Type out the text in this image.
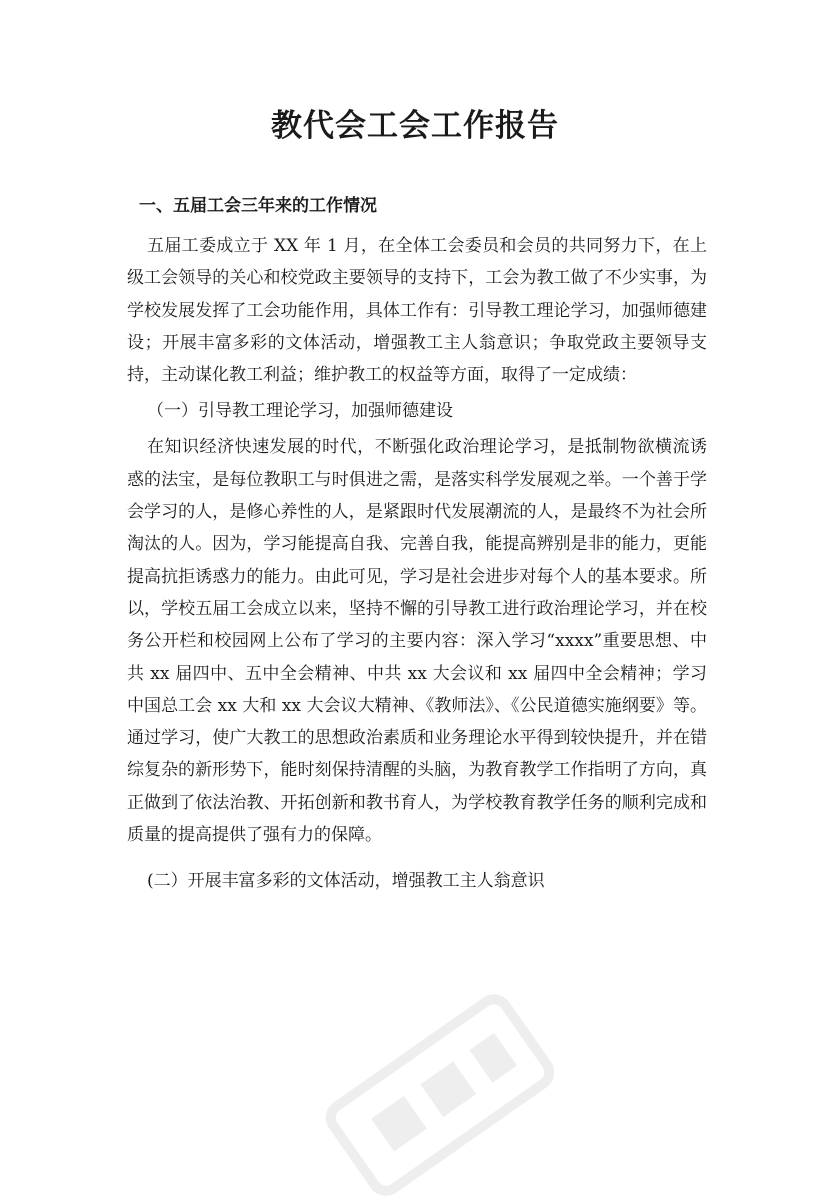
教代会工会工作报告

一、五届工会三年来的工作情况

五届工委成立于 XX 年 1 月，在全体工会委员和会员的共同努力下，在上级工会领导的关心和校党政主要领导的支持下，工会为教工做了不少实事，为学校发展发挥了工会功能作用，具体工作有：引导教工理论学习，加强师德建设；开展丰富多彩的文体活动，增强教工主人翁意识；争取党政主要领导支持，主动谋化教工利益；维护教工的权益等方面，取得了一定成绩：

（一）引导教工理论学习，加强师德建设

在知识经济快速发展的时代，不断强化政治理论学习，是抵制物欲横流诱惑的法宝，是每位教职工与时俱进之需，是落实科学发展观之举。一个善于学会学习的人，是修心养性的人，是紧跟时代发展潮流的人，是最终不为社会所淘汰的人。因为，学习能提高自我、完善自我，能提高辨别是非的能力，更能提高抗拒诱惑力的能力。由此可见，学习是社会进步对每个人的基本要求。所以，学校五届工会成立以来，坚持不懈的引导教工进行政治理论学习，并在校务公开栏和校园网上公布了学习的主要内容：深入学习“xxxx”重要思想、中共 xx 届四中、五中全会精神、中共 xx 大会议和 xx 届四中全会精神；学习中国总工会 xx 大和 xx 大会议大精神、《教师法》、《公民道德实施纲要》等。通过学习，使广大教工的思想政治素质和业务理论水平得到较快提升，并在错综复杂的新形势下，能时刻保持清醒的头脑，为教育教学工作指明了方向，真正做到了依法治教、开拓创新和教书育人，为学校教育教学任务的顺利完成和质量的提高提供了强有力的保障。

(二）开展丰富多彩的文体活动，增强教工主人翁意识
